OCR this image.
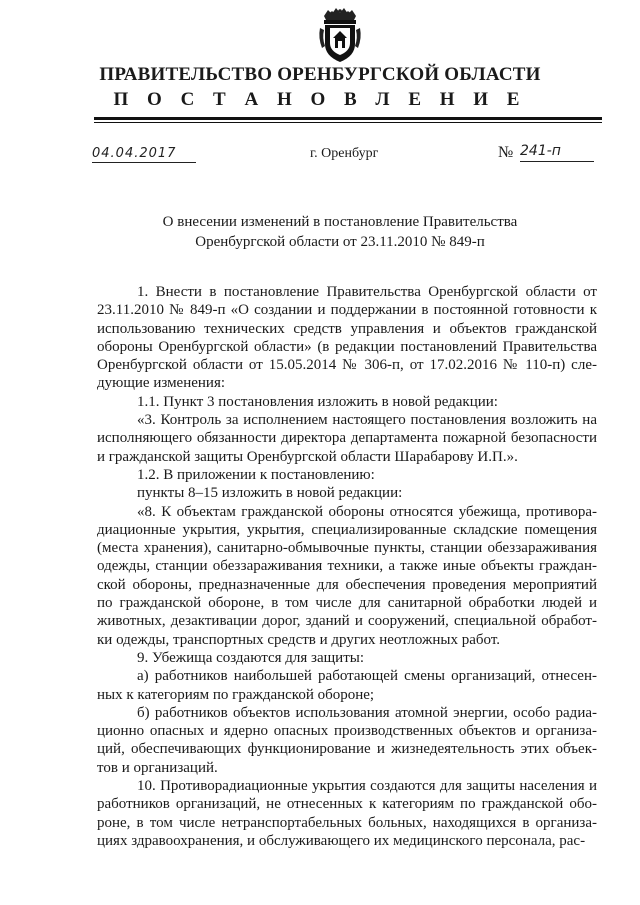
ПРАВИТЕЛЬСТВО ОРЕНБУРГСКОЙ ОБЛАСТИ
П О С Т А Н О В Л Е Н И Е
04.04.2017	г. Оренбург	№ 241-п
О внесении изменений в постановление Правительства Оренбургской области от 23.11.2010 № 849-п

1. Внести в постановление Правительства Оренбургской области от 23.11.2010 № 849-п «О создании и поддержании в постоянной готовности к использованию технических средств управления и объектов гражданской обороны Оренбургской области» (в редакции постановлений Правительства Оренбургской области от 15.05.2014 № 306-п, от 17.02.2016 № 110-п) следующие изменения:

1.1. Пункт 3 постановления изложить в новой редакции:

«3. Контроль за исполнением настоящего постановления возложить на исполняющего обязанности директора департамента пожарной безопасности и гражданской защиты Оренбургской области Шарабарову И.П.».

1.2. В приложении к постановлению:

пункты 8–15 изложить в новой редакции:

«8. К объектам гражданской обороны относятся убежища, противорадиационные укрытия, укрытия, специализированные складские помещения (места хранения), санитарно-обмывочные пункты, станции обеззараживания одежды, станции обеззараживания техники, а также иные объекты гражданской обороны, предназначенные для обеспечения проведения мероприятий по гражданской обороне, в том числе для санитарной обработки людей и животных, дезактивации дорог, зданий и сооружений, специальной обработки одежды, транспортных средств и других неотложных работ.

9. Убежища создаются для защиты:

а) работников наибольшей работающей смены организаций, отнесенных к категориям по гражданской обороне;

б) работников объектов использования атомной энергии, особо радиационно опасных и ядерно опасных производственных объектов и организаций, обеспечивающих функционирование и жизнедеятельность этих объектов и организаций.

10. Противорадиационные укрытия создаются для защиты населения и работников организаций, не отнесенных к категориям по гражданской обороне, в том числе нетранспортабельных больных, находящихся в организациях здравоохранения, и обслуживающего их медицинского персонала, рас-
